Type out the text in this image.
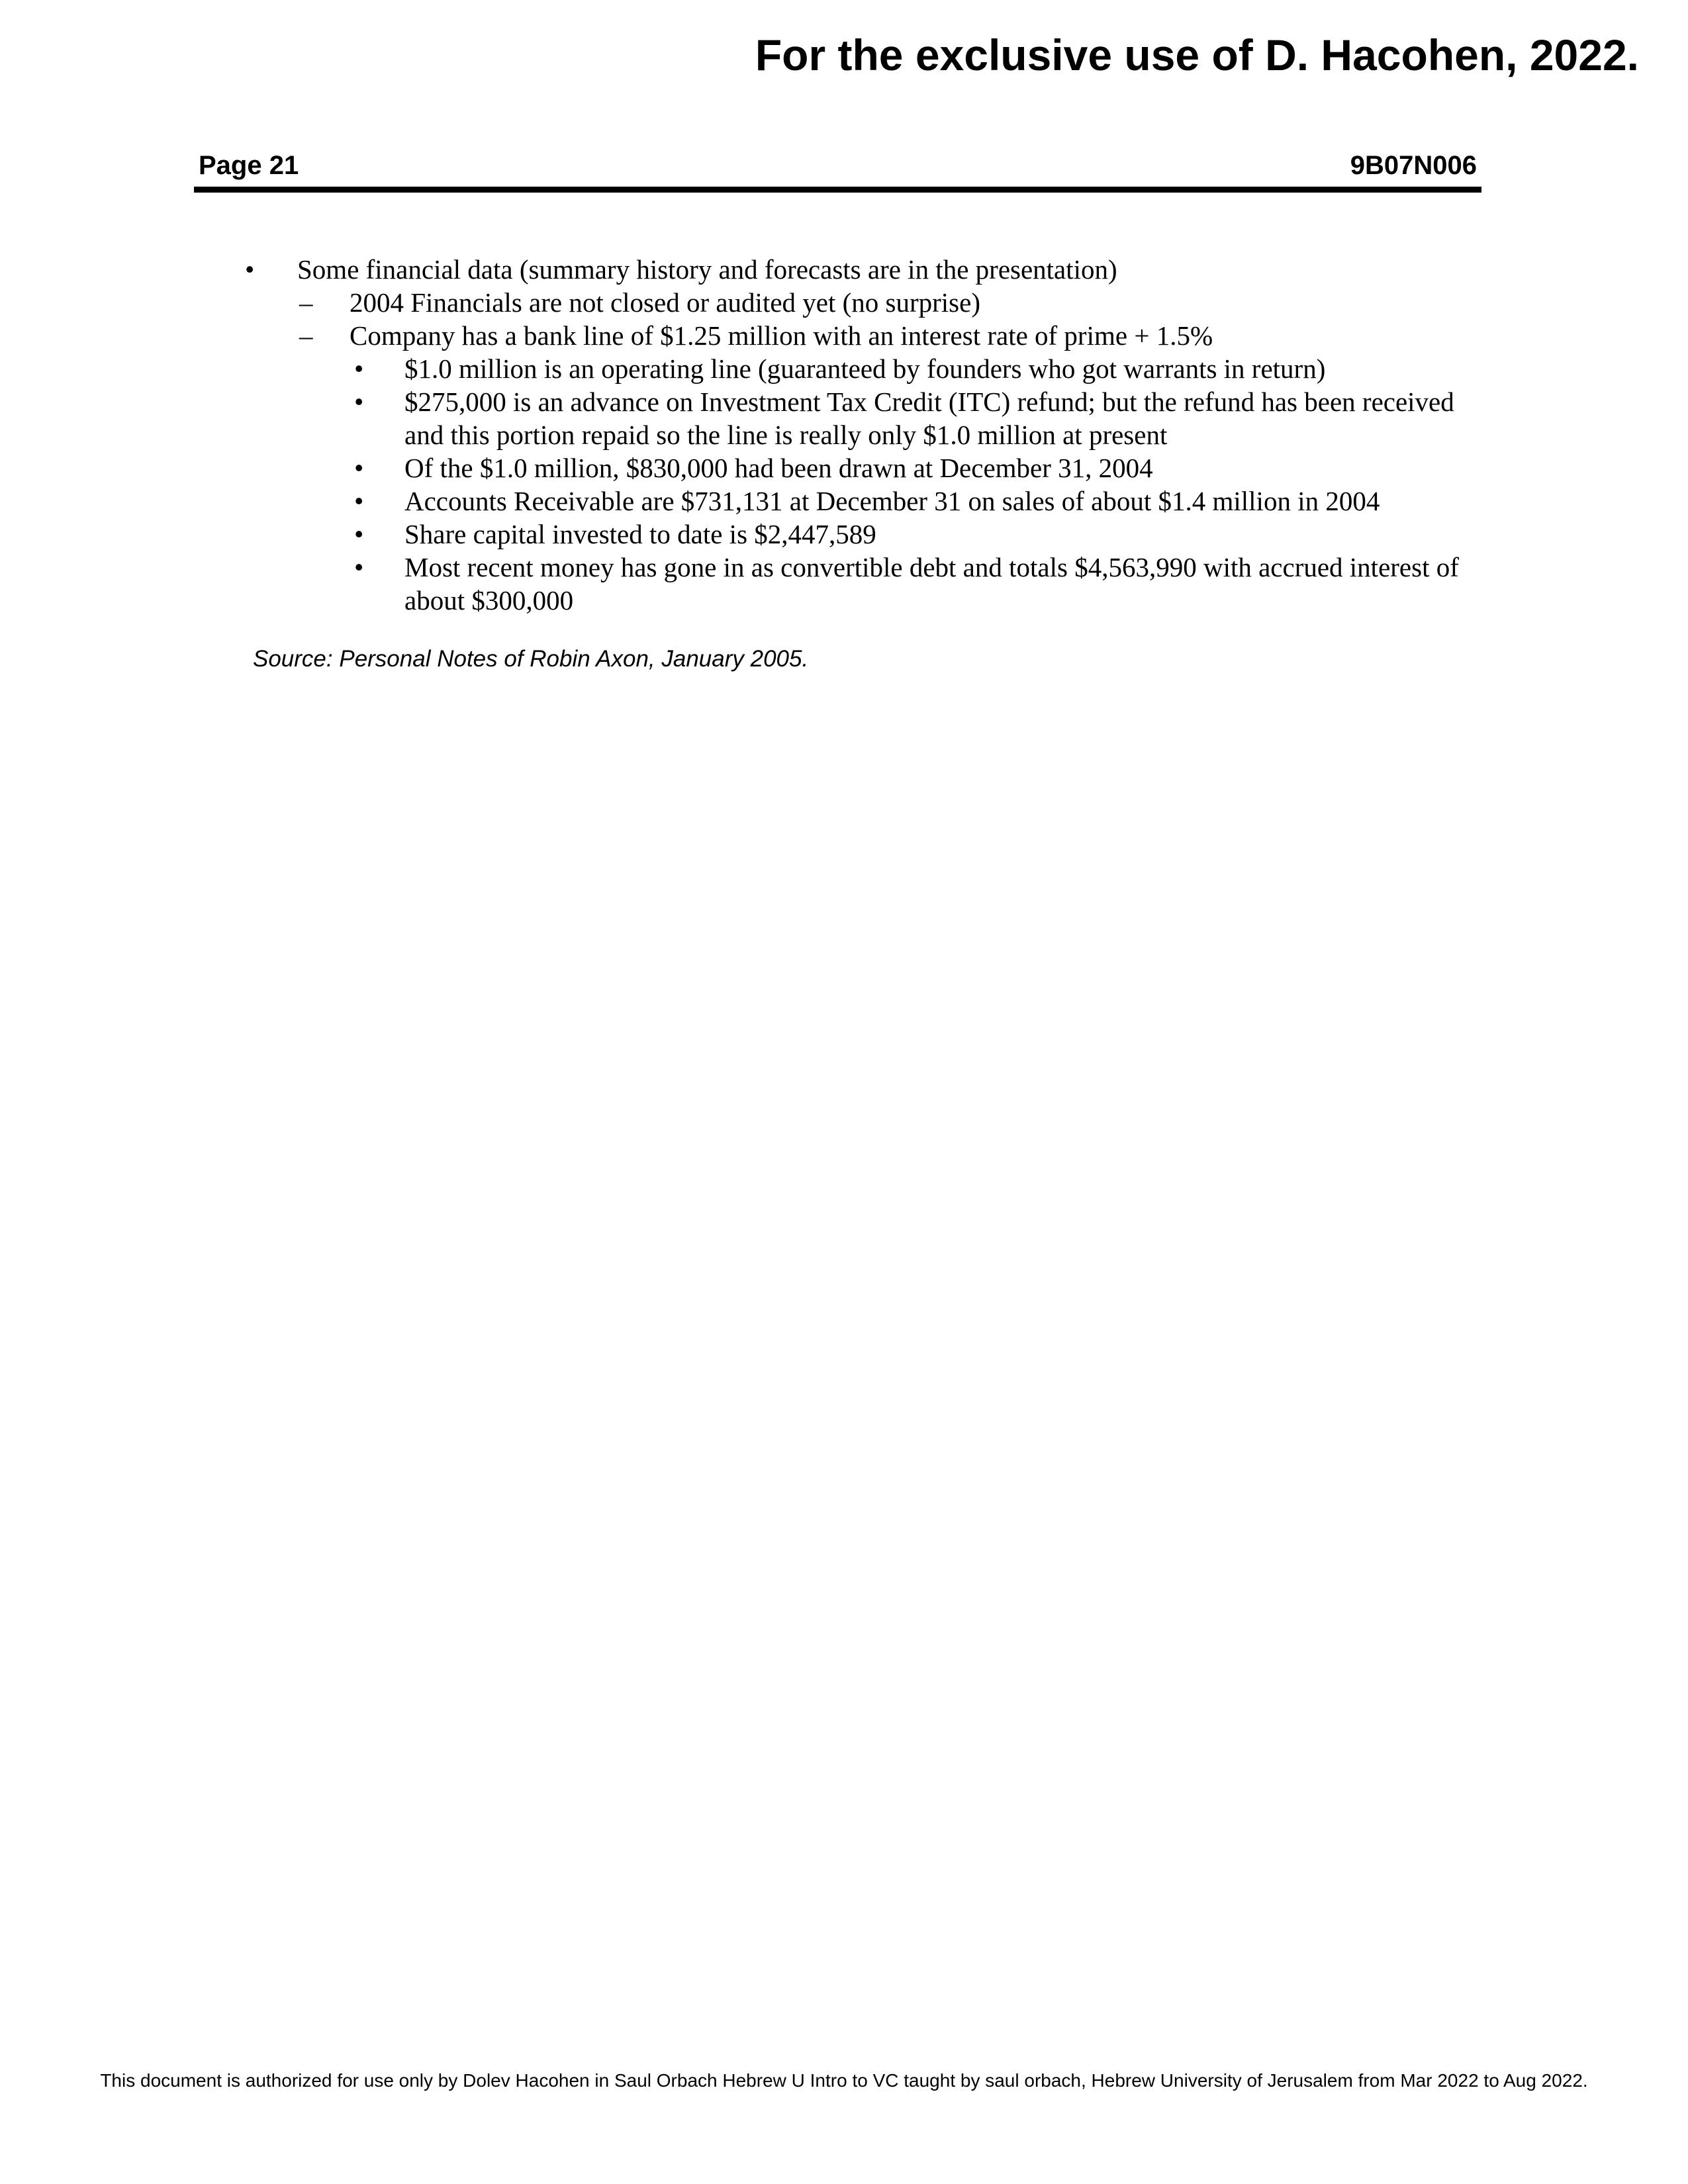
For the exclusive use of D. Hacohen, 2022.
Page 21	9B07N006
• Some financial data (summary history and forecasts are in the presentation)
– 2004 Financials are not closed or audited yet (no surprise)
– Company has a bank line of $1.25 million with an interest rate of prime + 1.5%
• $1.0 million is an operating line (guaranteed by founders who got warrants in return)
• $275,000 is an advance on Investment Tax Credit (ITC) refund; but the refund has been received and this portion repaid so the line is really only $1.0 million at present
• Of the $1.0 million, $830,000 had been drawn at December 31, 2004
• Accounts Receivable are $731,131 at December 31 on sales of about $1.4 million in 2004
• Share capital invested to date is $2,447,589
• Most recent money has gone in as convertible debt and totals $4,563,990 with accrued interest of about $300,000
Source: Personal Notes of Robin Axon, January 2005.
This document is authorized for use only by Dolev Hacohen in Saul Orbach Hebrew U Intro to VC taught by saul orbach, Hebrew University of Jerusalem from Mar 2022 to Aug 2022.
